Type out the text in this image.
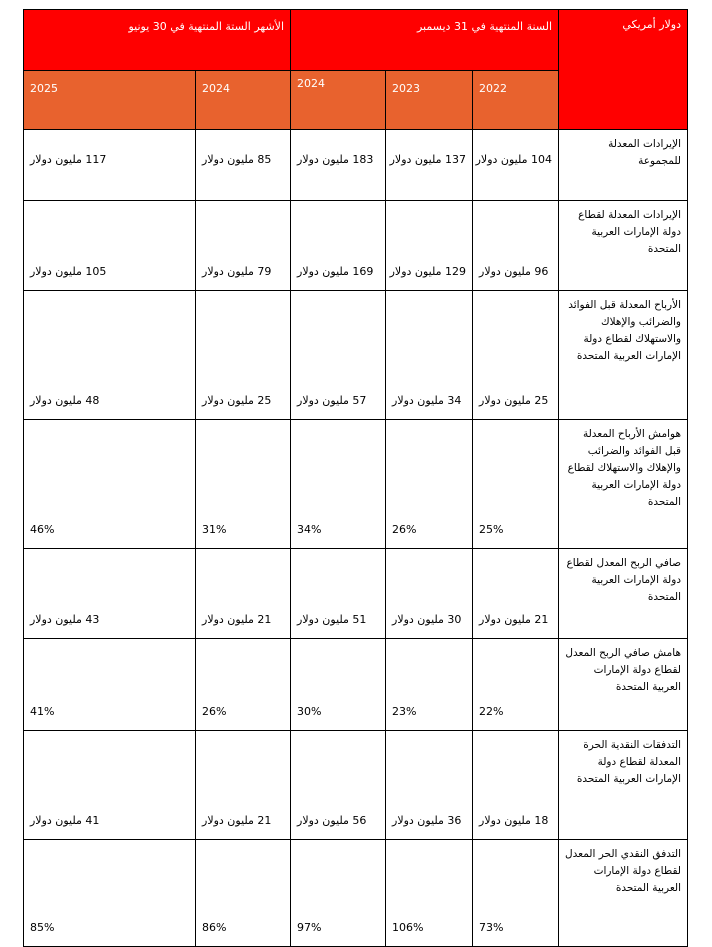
دولار أمريكي	السنة المنتهية في 31 ديسمبر			الأشهر الستة المنتهية في 30 يونيو	
	2022	2023	2024	2024	2025
الإيرادات المعدلة للمجموعة	104 مليون دولار	137 مليون دولار	183 مليون دولار	85 مليون دولار	117 مليون دولار
الإيرادات المعدلة لقطاع دولة الإمارات العربية المتحدة	96 مليون دولار	129 مليون دولار	169 مليون دولار	79 مليون دولار	105 مليون دولار
الأرباح المعدلة قبل الفوائد والضرائب والإهلاك والاستهلاك لقطاع دولة الإمارات العربية المتحدة	25 مليون دولار	34 مليون دولار	57 مليون دولار	25 مليون دولار	48 مليون دولار
هوامش الأرباح المعدلة قبل الفوائد والضرائب والإهلاك والاستهلاك لقطاع دولة الإمارات العربية المتحدة	25%	26%	34%	31%	46%
صافي الربح المعدل لقطاع دولة الإمارات العربية المتحدة	21 مليون دولار	30 مليون دولار	51 مليون دولار	21 مليون دولار	43 مليون دولار
هامش صافي الربح المعدل لقطاع دولة الإمارات العربية المتحدة	22%	23%	30%	26%	41%
التدفقات النقدية الحرة المعدلة لقطاع دولة الإمارات العربية المتحدة	18 مليون دولار	36 مليون دولار	56 مليون دولار	21 مليون دولار	41 مليون دولار
التدفق النقدي الحر المعدل لقطاع دولة الإمارات العربية المتحدة	73%	106%	97%	86%	85%
